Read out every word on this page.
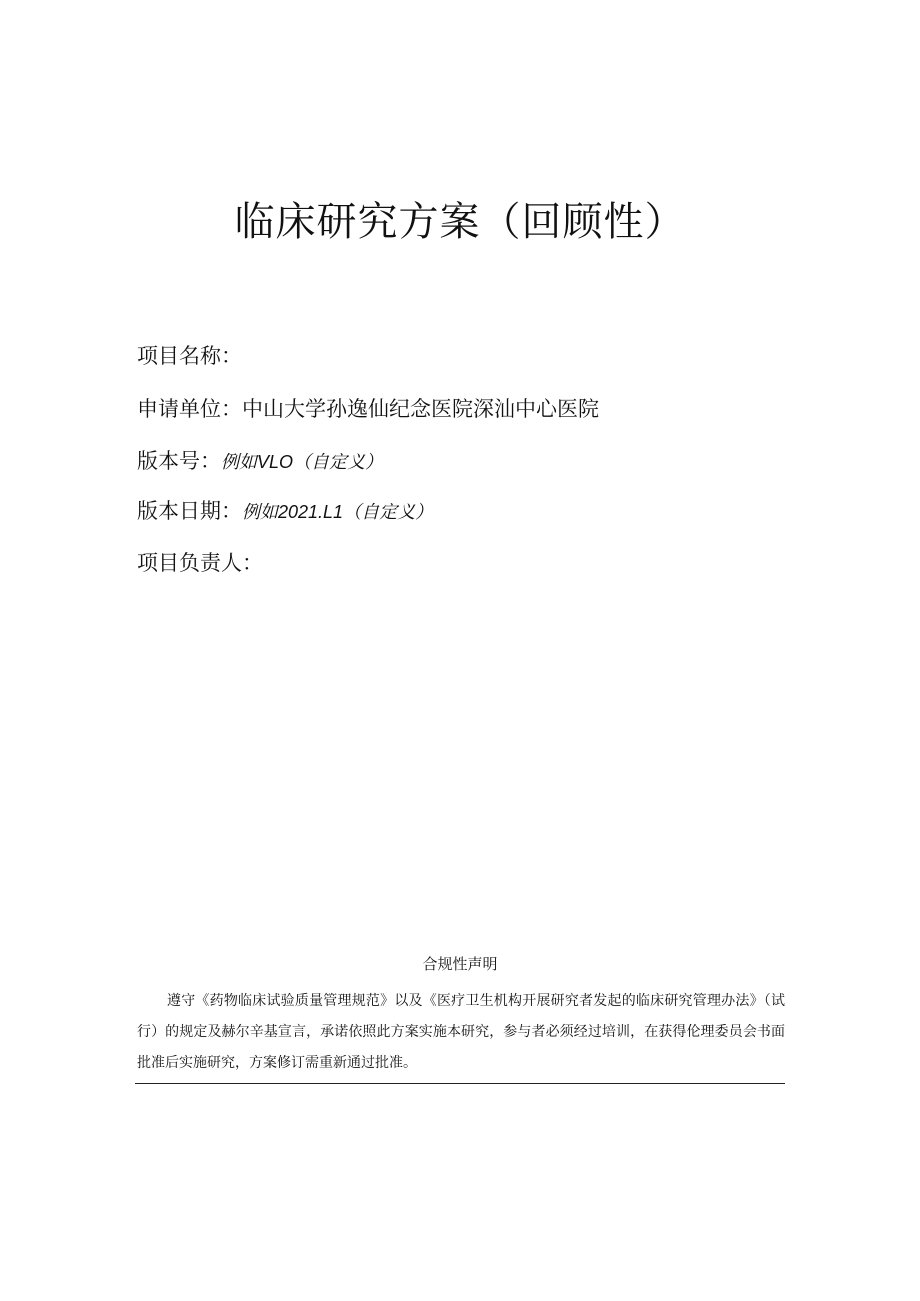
临床研究方案（回顾性）
项目名称：
申请单位：中山大学孙逸仙纪念医院深汕中心医院
版本号：例如VLO（自定义）
版本日期：例如2021.L1（自定义）
项目负责人：
合规性声明

遵守《药物临床试验质量管理规范》以及《医疗卫生机构开展研究者发起的临床研究管理办法》（试行）的规定及赫尔辛基宣言，承诺依照此方案实施本研究，参与者必须经过培训，在获得伦理委员会书面批准后实施研究，方案修订需重新通过批准。
